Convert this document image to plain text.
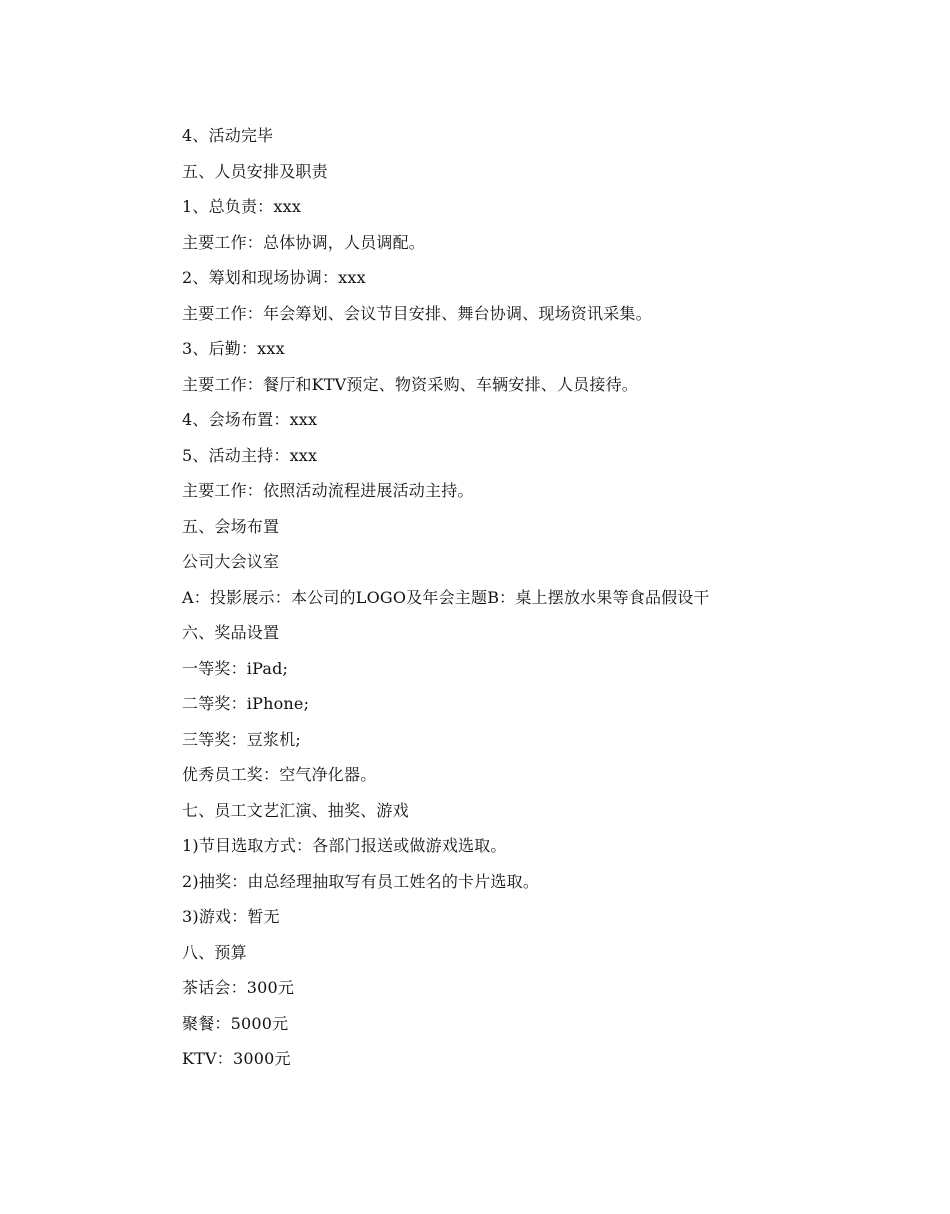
4、活动完毕
五、人员安排及职责
1、总负责：xxx
主要工作：总体协调，人员调配。
2、筹划和现场协调：xxx
主要工作：年会筹划、会议节目安排、舞台协调、现场资讯采集。
3、后勤：xxx
主要工作：餐厅和KTV预定、物资采购、车辆安排、人员接待。
4、会场布置：xxx
5、活动主持：xxx
主要工作：依照活动流程进展活动主持。
五、会场布置
公司大会议室
A：投影展示：本公司的LOGO及年会主题B：桌上摆放水果等食品假设干
六、奖品设置
一等奖：iPad;
二等奖：iPhone;
三等奖：豆浆机;
优秀员工奖：空气净化器。
七、员工文艺汇演、抽奖、游戏
1)节目选取方式：各部门报送或做游戏选取。
2)抽奖：由总经理抽取写有员工姓名的卡片选取。
3)游戏：暂无
八、预算
茶话会：300元
聚餐：5000元
KTV：3000元
